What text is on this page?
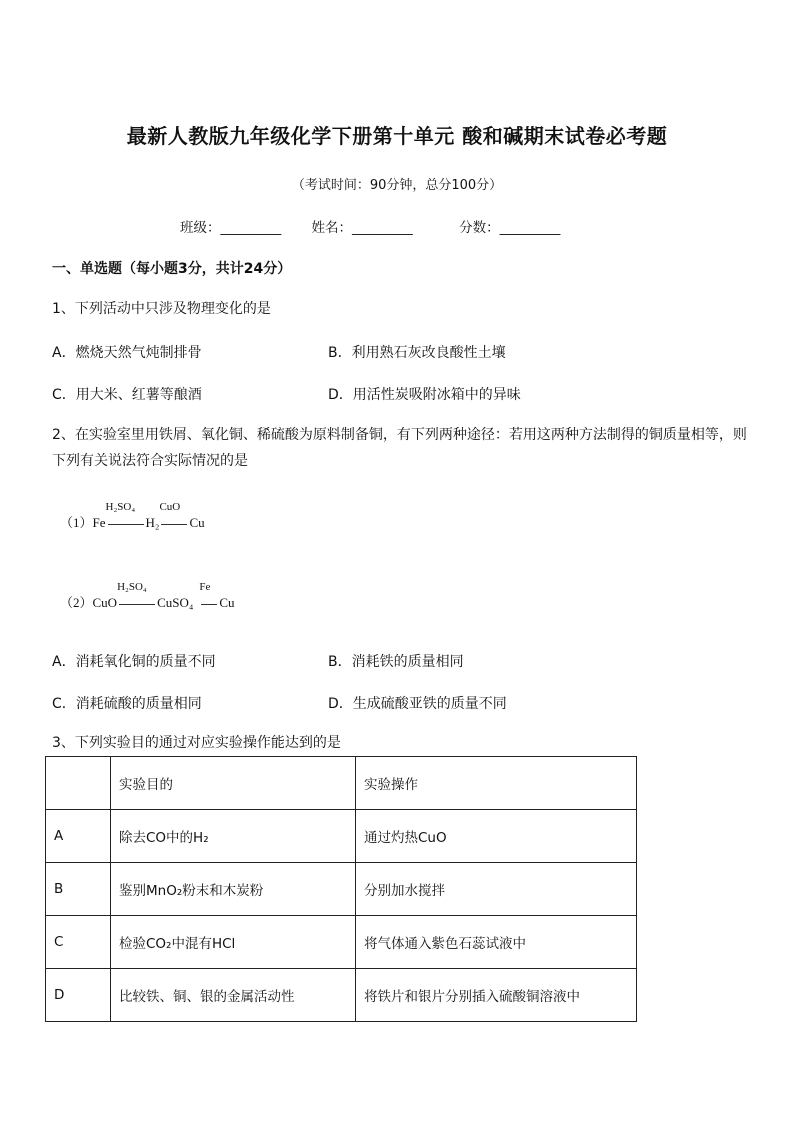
最新人教版九年级化学下册第十单元 酸和碱期末试卷必考题
（考试时间：90分钟，总分100分）
班级：_________ 姓名：_________	分数：_________
一、单选题（每小题3分，共计24分）
1、下列活动中只涉及物理变化的是
A．燃烧天然气炖制排骨	B．利用熟石灰改良酸性土壤
C．用大米、红薯等酿酒	D．用活性炭吸附冰箱中的异味
2、在实验室里用铁屑、氧化铜、稀硫酸为原料制备铜，有下列两种途径：若用这两种方法制得的铜质量相等，则下列有关说法符合实际情况的是
（1）Fe
H₂SO₄
H₂
CuO
Cu
（2）CuO
H₂SO₄
CuSO₄
Fe
Cu
A．消耗氧化铜的质量不同	B．消耗铁的质量相同
C．消耗硫酸的质量相同	D．生成硫酸亚铁的质量不同
3、下列实验目的通过对应实验操作能达到的是
	实验目的	实验操作
A	除去CO中的H₂	通过灼热CuO
B	鉴别MnO₂粉末和木炭粉	分别加水搅拌
C	检验CO₂中混有HCl	将气体通入紫色石蕊试液中
D	比较铁、铜、银的金属活动性	将铁片和银片分别插入硫酸铜溶液中
